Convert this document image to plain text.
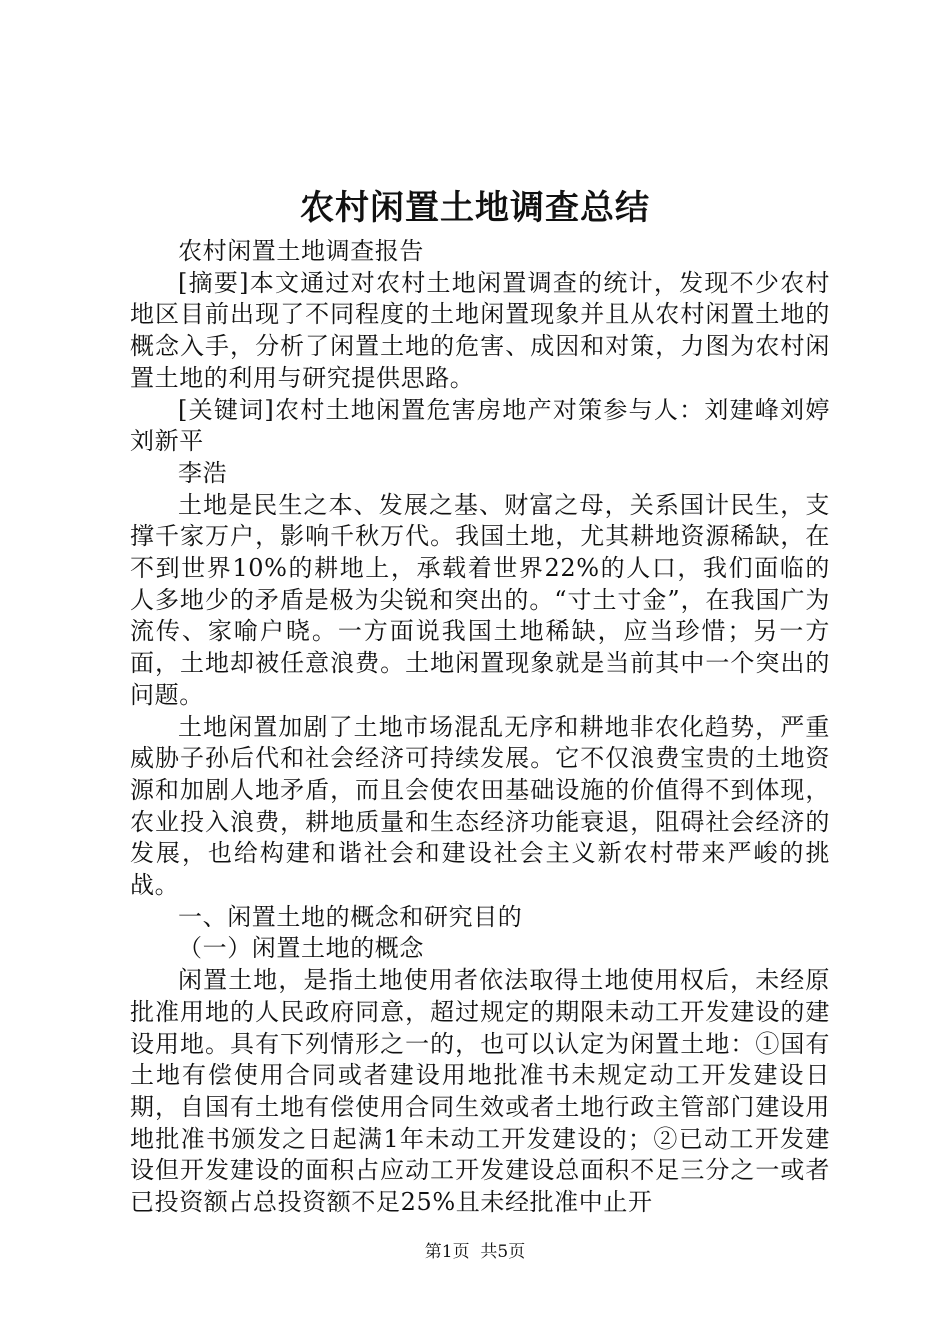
农村闲置土地调查总结

农村闲置土地调查报告

[摘要]本文通过对农村土地闲置调查的统计，发现不少农村地区目前出现了不同程度的土地闲置现象并且从农村闲置土地的概念入手，分析了闲置土地的危害、成因和对策，力图为农村闲置土地的利用与研究提供思路。

[关键词]农村土地闲置危害房地产对策参与人：刘建峰刘婷刘新平

李浩

土地是民生之本、发展之基、财富之母，关系国计民生，支撑千家万户，影响千秋万代。我国土地，尤其耕地资源稀缺，在不到世界10%的耕地上，承载着世界22%的人口，我们面临的人多地少的矛盾是极为尖锐和突出的。“寸土寸金”，在我国广为流传、家喻户晓。一方面说我国土地稀缺，应当珍惜；另一方面，土地却被任意浪费。土地闲置现象就是当前其中一个突出的问题。

土地闲置加剧了土地市场混乱无序和耕地非农化趋势，严重威胁子孙后代和社会经济可持续发展。它不仅浪费宝贵的土地资源和加剧人地矛盾，而且会使农田基础设施的价值得不到体现，农业投入浪费，耕地质量和生态经济功能衰退，阻碍社会经济的发展，也给构建和谐社会和建设社会主义新农村带来严峻的挑战。

一、闲置土地的概念和研究目的

（一）闲置土地的概念

闲置土地，是指土地使用者依法取得土地使用权后，未经原批准用地的人民政府同意，超过规定的期限未动工开发建设的建设用地。具有下列情形之一的，也可以认定为闲置土地：①国有土地有偿使用合同或者建设用地批准书未规定动工开发建设日期，自国有土地有偿使用合同生效或者土地行政主管部门建设用地批准书颁发之日起满1年未动工开发建设的；②已动工开发建设但开发建设的面积占应动工开发建设总面积不足三分之一或者已投资额占总投资额不足25%且未经批准中止开

第1页 共5页
